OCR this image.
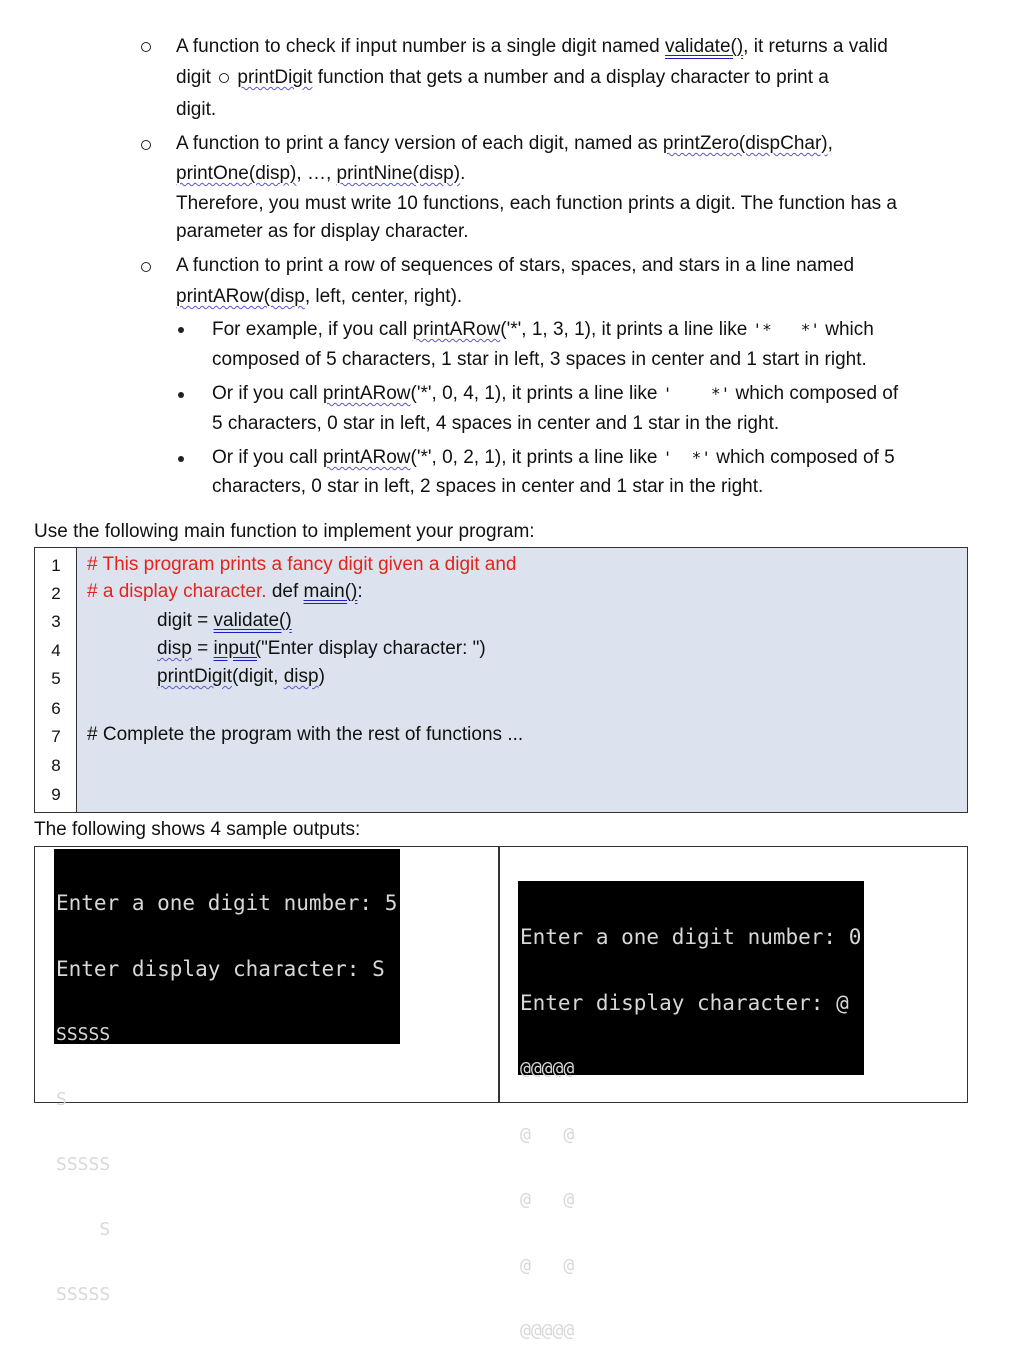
A function to check if input number is a single digit named validate(), it returns a valid
digit printDigit function that gets a number and a display character to print a
digit.
A function to print a fancy version of each digit, named as printZero(dispChar),
printOne(disp), …, printNine(disp).
Therefore, you must write 10 functions, each function prints a digit. The function has a
parameter as for display character.
A function to print a row of sequences of stars, spaces, and stars in a line named
printARow(disp, left, center, right).
For example, if you call printARow('*', 1, 3, 1), it prints a line like '*   *' which
composed of 5 characters, 1 star in left, 3 spaces in center and 1 start in right.
Or if you call printARow('*', 0, 4, 1), it prints a line like '    *' which composed of
5 characters, 0 star in left, 4 spaces in center and 1 star in the right.
Or if you call printARow('*', 0, 2, 1), it prints a line like '  *' which composed of 5
characters, 0 star in left, 2 spaces in center and 1 star in the right.
Use the following main function to implement your program:
1
2
3
4
5
6
7
8
9
# This program prints a fancy digit given a digit and
# a display character. def main():
digit = validate()
disp = input("Enter display character: ")
printDigit(digit, disp)
# Complete the program with the rest of functions ...
The following shows 4 sample outputs:

Enter a one digit number: 5

Enter display character: S

SSSSS

S

SSSSS

S

SSSSS

Enter a one digit number: 0

Enter display character: @

@@@@@

@   @

@   @

@   @

@@@@@
